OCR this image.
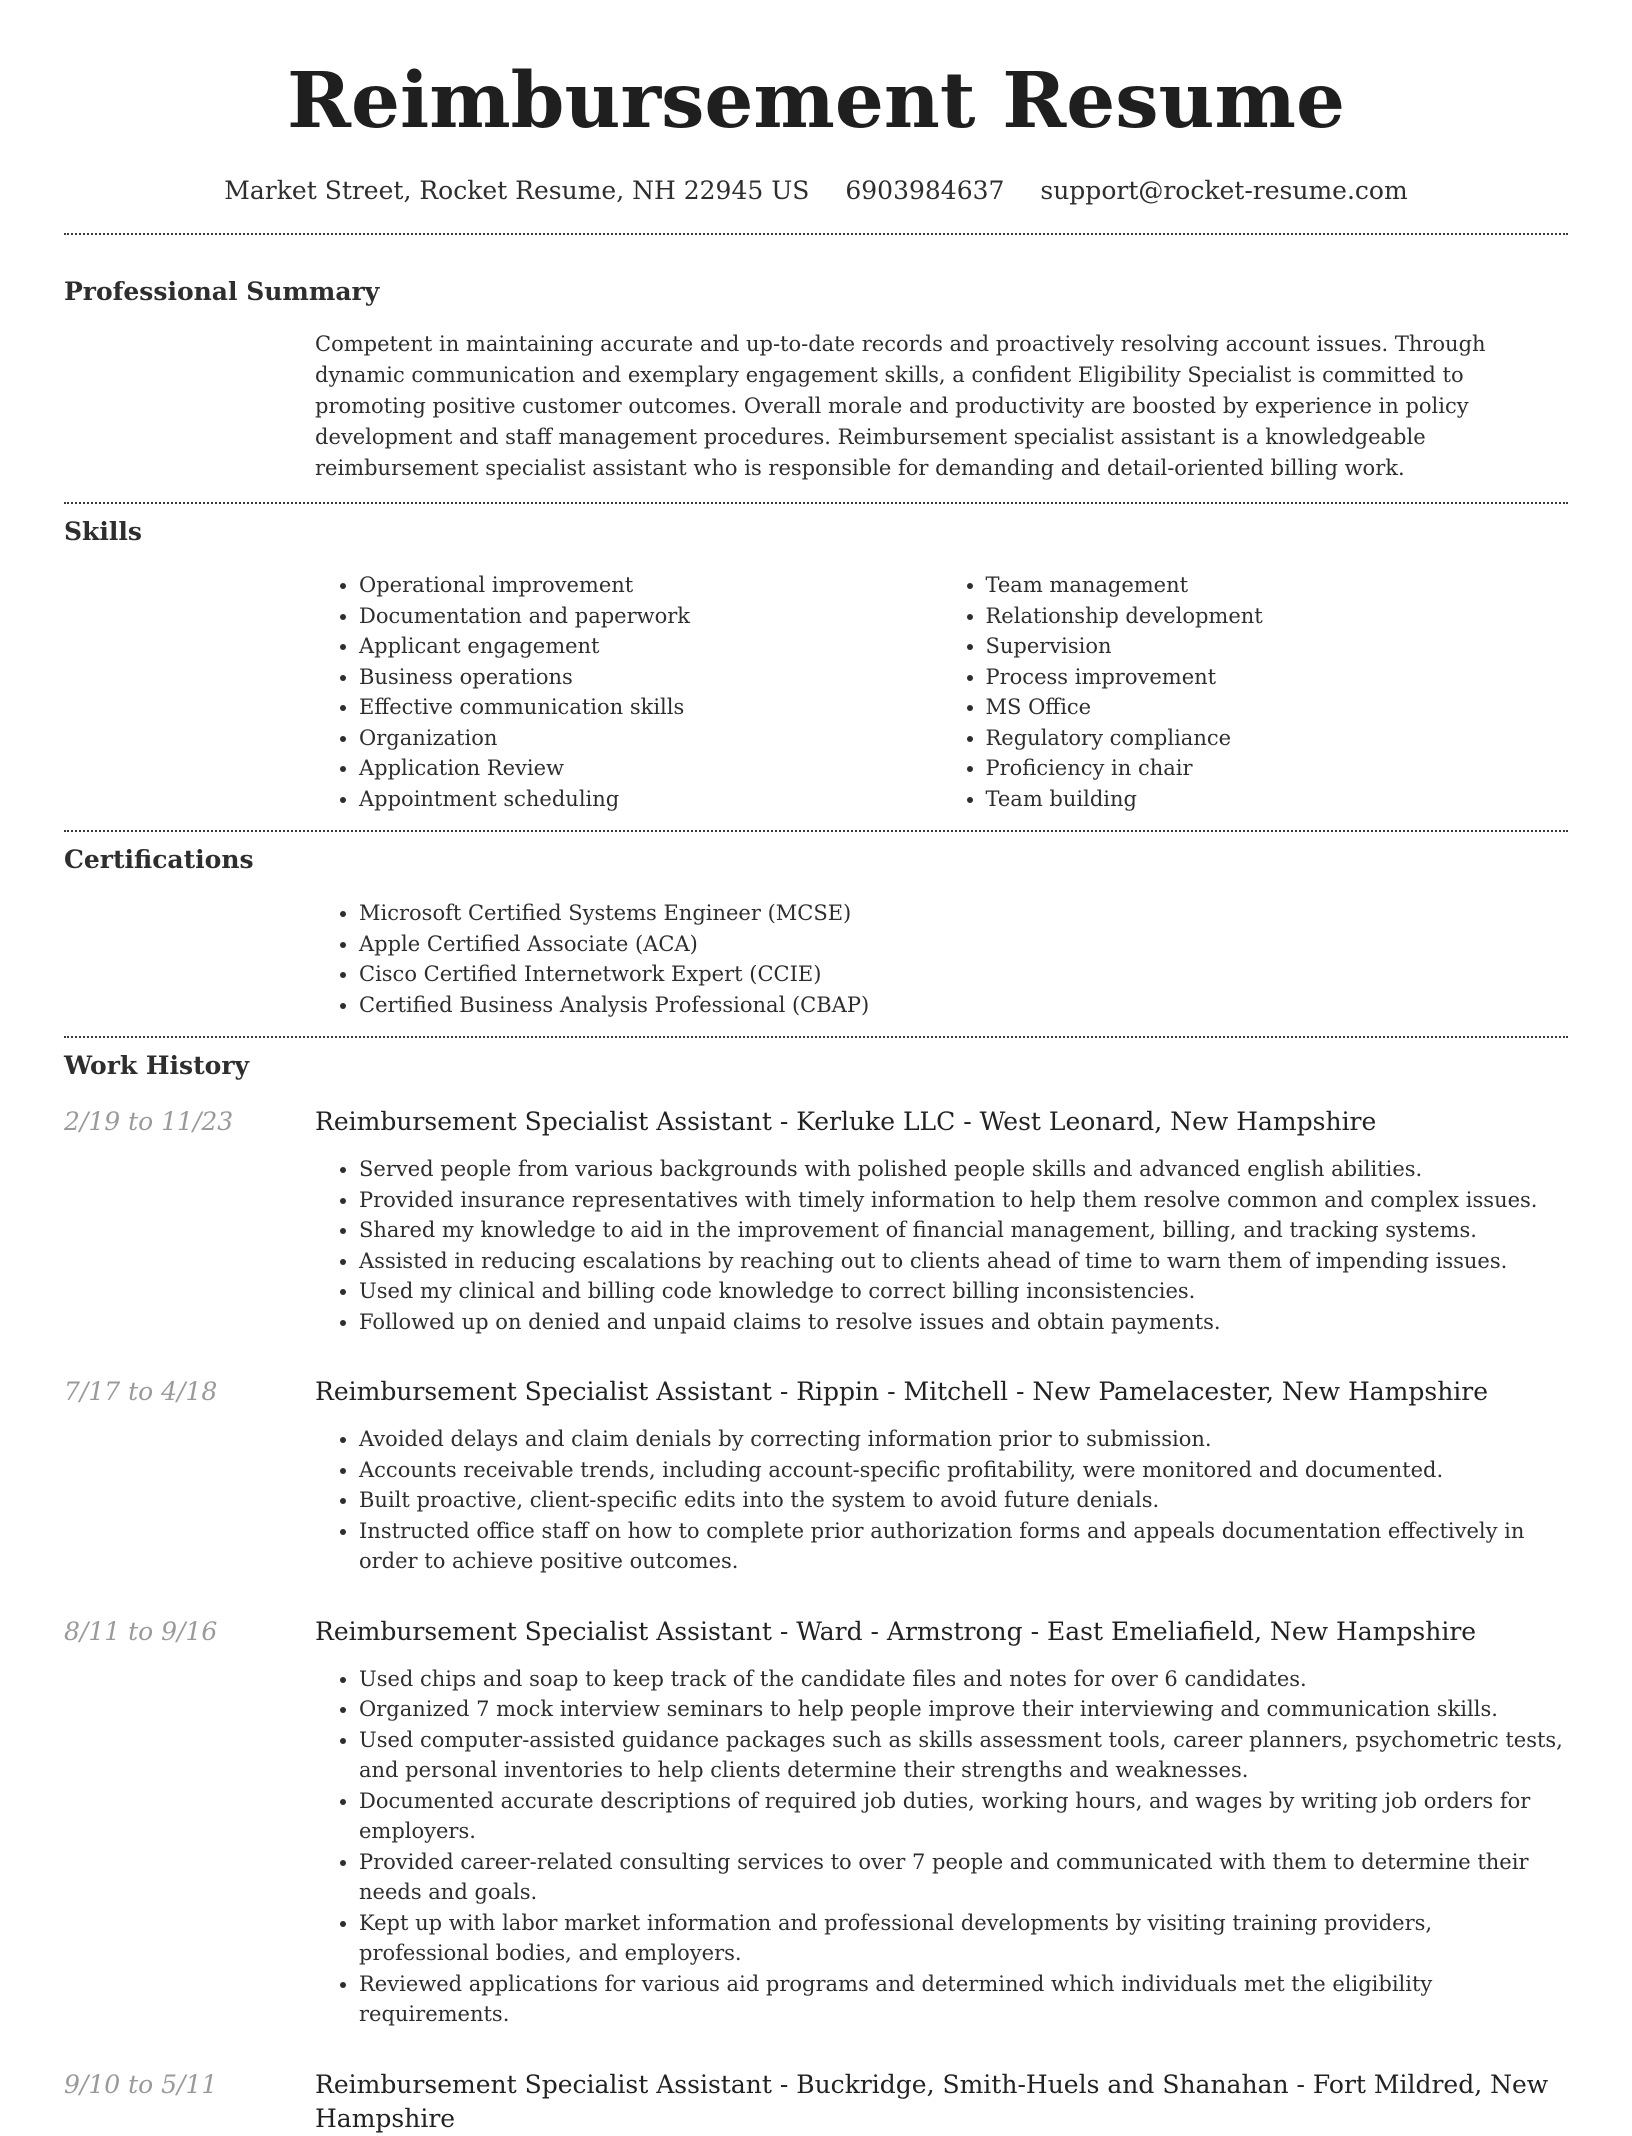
Reimbursement Resume
Market Street, Rocket Resume, NH 22945 US 6903984637 support@rocket-resume.com
Professional Summary
Competent in maintaining accurate and up-to-date records and proactively resolving account issues. Through dynamic communication and exemplary engagement skills, a confident Eligibility Specialist is committed to promoting positive customer outcomes. Overall morale and productivity are boosted by experience in policy development and staff management procedures. Reimbursement specialist assistant is a knowledgeable reimbursement specialist assistant who is responsible for demanding and detail-oriented billing work.
Skills
• Operational improvement
• Documentation and paperwork
• Applicant engagement
• Business operations
• Effective communication skills
• Organization
• Application Review
• Appointment scheduling
• Team management
• Relationship development
• Supervision
• Process improvement
• MS Office
• Regulatory compliance
• Proficiency in chair
• Team building
Certifications
• Microsoft Certified Systems Engineer (MCSE)
• Apple Certified Associate (ACA)
• Cisco Certified Internetwork Expert (CCIE)
• Certified Business Analysis Professional (CBAP)
Work History
2/19 to 11/23	Reimbursement Specialist Assistant - Kerluke LLC - West Leonard, New Hampshire
• Served people from various backgrounds with polished people skills and advanced english abilities.
• Provided insurance representatives with timely information to help them resolve common and complex issues.
• Shared my knowledge to aid in the improvement of financial management, billing, and tracking systems.
• Assisted in reducing escalations by reaching out to clients ahead of time to warn them of impending issues.
• Used my clinical and billing code knowledge to correct billing inconsistencies.
• Followed up on denied and unpaid claims to resolve issues and obtain payments.
7/17 to 4/18	Reimbursement Specialist Assistant - Rippin - Mitchell - New Pamelacester, New Hampshire
• Avoided delays and claim denials by correcting information prior to submission.
• Accounts receivable trends, including account-specific profitability, were monitored and documented.
• Built proactive, client-specific edits into the system to avoid future denials.
• Instructed office staff on how to complete prior authorization forms and appeals documentation effectively in order to achieve positive outcomes.
8/11 to 9/16	Reimbursement Specialist Assistant - Ward - Armstrong - East Emeliafield, New Hampshire
• Used chips and soap to keep track of the candidate files and notes for over 6 candidates.
• Organized 7 mock interview seminars to help people improve their interviewing and communication skills.
• Used computer-assisted guidance packages such as skills assessment tools, career planners, psychometric tests, and personal inventories to help clients determine their strengths and weaknesses.
• Documented accurate descriptions of required job duties, working hours, and wages by writing job orders for employers.
• Provided career-related consulting services to over 7 people and communicated with them to determine their needs and goals.
• Kept up with labor market information and professional developments by visiting training providers, professional bodies, and employers.
• Reviewed applications for various aid programs and determined which individuals met the eligibility requirements.
9/10 to 5/11	Reimbursement Specialist Assistant - Buckridge, Smith-Huels and Shanahan - Fort Mildred, New Hampshire
